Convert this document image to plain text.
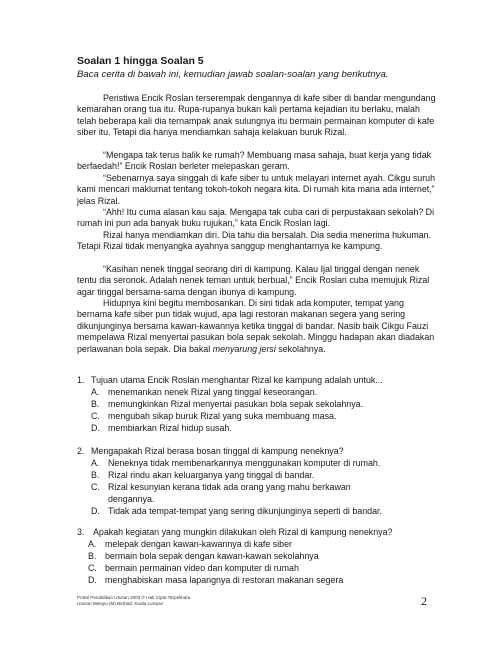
Soalan 1 hingga Soalan 5
Baca cerita di bawah ini, kemudian jawab soalan-soalan yang berikutnya.
Peristiwa Encik Roslan terserempak dengannya di kafe siber di bandar mengundang kemarahan orang tua itu. Rupa-rupanya bukan kali pertama kejadian itu berlaku, malah telah beberapa kali dia ternampak anak sulungnya itu bermain permainan komputer di kafe siber itu. Tetapi dia hanya mendiamkan sahaja kelakuan buruk Rizal.
“Mengapa tak terus balik ke rumah? Membuang masa sahaja, buat kerja yang tidak berfaedah!” Encik Roslan berleter melepaskan geram.
“Sebenarnya saya singgah di kafe siber tu untuk melayari internet ayah. Cikgu suruh kami mencari maklumat tentang tokoh-tokoh negara kita. Di rumah kita mana ada internet,” jelas Rizal.
“Ahh! Itu cuma alasan kau saja. Mengapa tak cuba cari di perpustakaan sekolah? Di rumah ini pun ada banyak buku rujukan,” kata Encik Roslan lagi.
Rizal hanya mendiamkan diri. Dia tahu dia bersalah. Dia sedia menerima hukuman. Tetapi Rizal tidak menyangka ayahnya sanggup menghantarnya ke kampung.
“Kasihan nenek tinggal seorang diri di kampung. Kalau Ijal tinggal dengan nenek tentu dia seronok. Adalah nenek teman untuk berbual,” Encik Roslan cuba memujuk Rizal agar tinggal bersama-sama dengan ibunya di kampung.
Hidupnya kini begitu membosankan. Di sini tidak ada komputer, tempat yang bernama kafe siber pun tidak wujud, apa lagi restoran makanan segera yang sering dikunjunginya bersama kawan-kawannya ketika tinggal di bandar. Nasib baik Cikgu Fauzi mempelawa Rizal menyertai pasukan bola sepak sekolah. Minggu hadapan akan diadakan perlawanan bola sepak. Dia bakal menyarung jersi sekolahnya.
1. Tujuan utama Encik Roslan menghantar Rizal ke kampung adalah untuk...
A. menemankan nenek Rizal yang tinggal keseorangan.
B. memungkinkan Rizal menyertai pasukan bola sepak sekolahnya.
C. mengubah sikap buruk Rizal yang suka membuang masa.
D. membiarkan Rizal hidup susah.
2. Mengapakah Rizal berasa bosan tinggal di kampung neneknya?
A. Neneknya tidak membenarkannya menggunakan komputer di rumah.
B. Rizal rindu akan keluarganya yang tinggal di bandar.
C. Rizal kesunyian kerana tidak ada orang yang mahu berkawan
dengannya.
D. Tidak ada tempat-tempat yang sering dikunjunginya seperti di bandar.
3. Apakah kegiatan yang mungkin dilakukan oleh Rizal di kampung neneknya?
A. melepak dengan kawan-kawannya di kafe siber
B. bermain bola sepak dengan kawan-kawan sekolahnya
C. bermain permainan video dan komputer di rumah
D. menghabiskan masa lapangnya di restoran makanan segera
Portal Pendidikan Utusan 2003 © Hak Cipta Terpelihara
Utusan Melayu (M) Berhad, Kuala Lumpur	2
